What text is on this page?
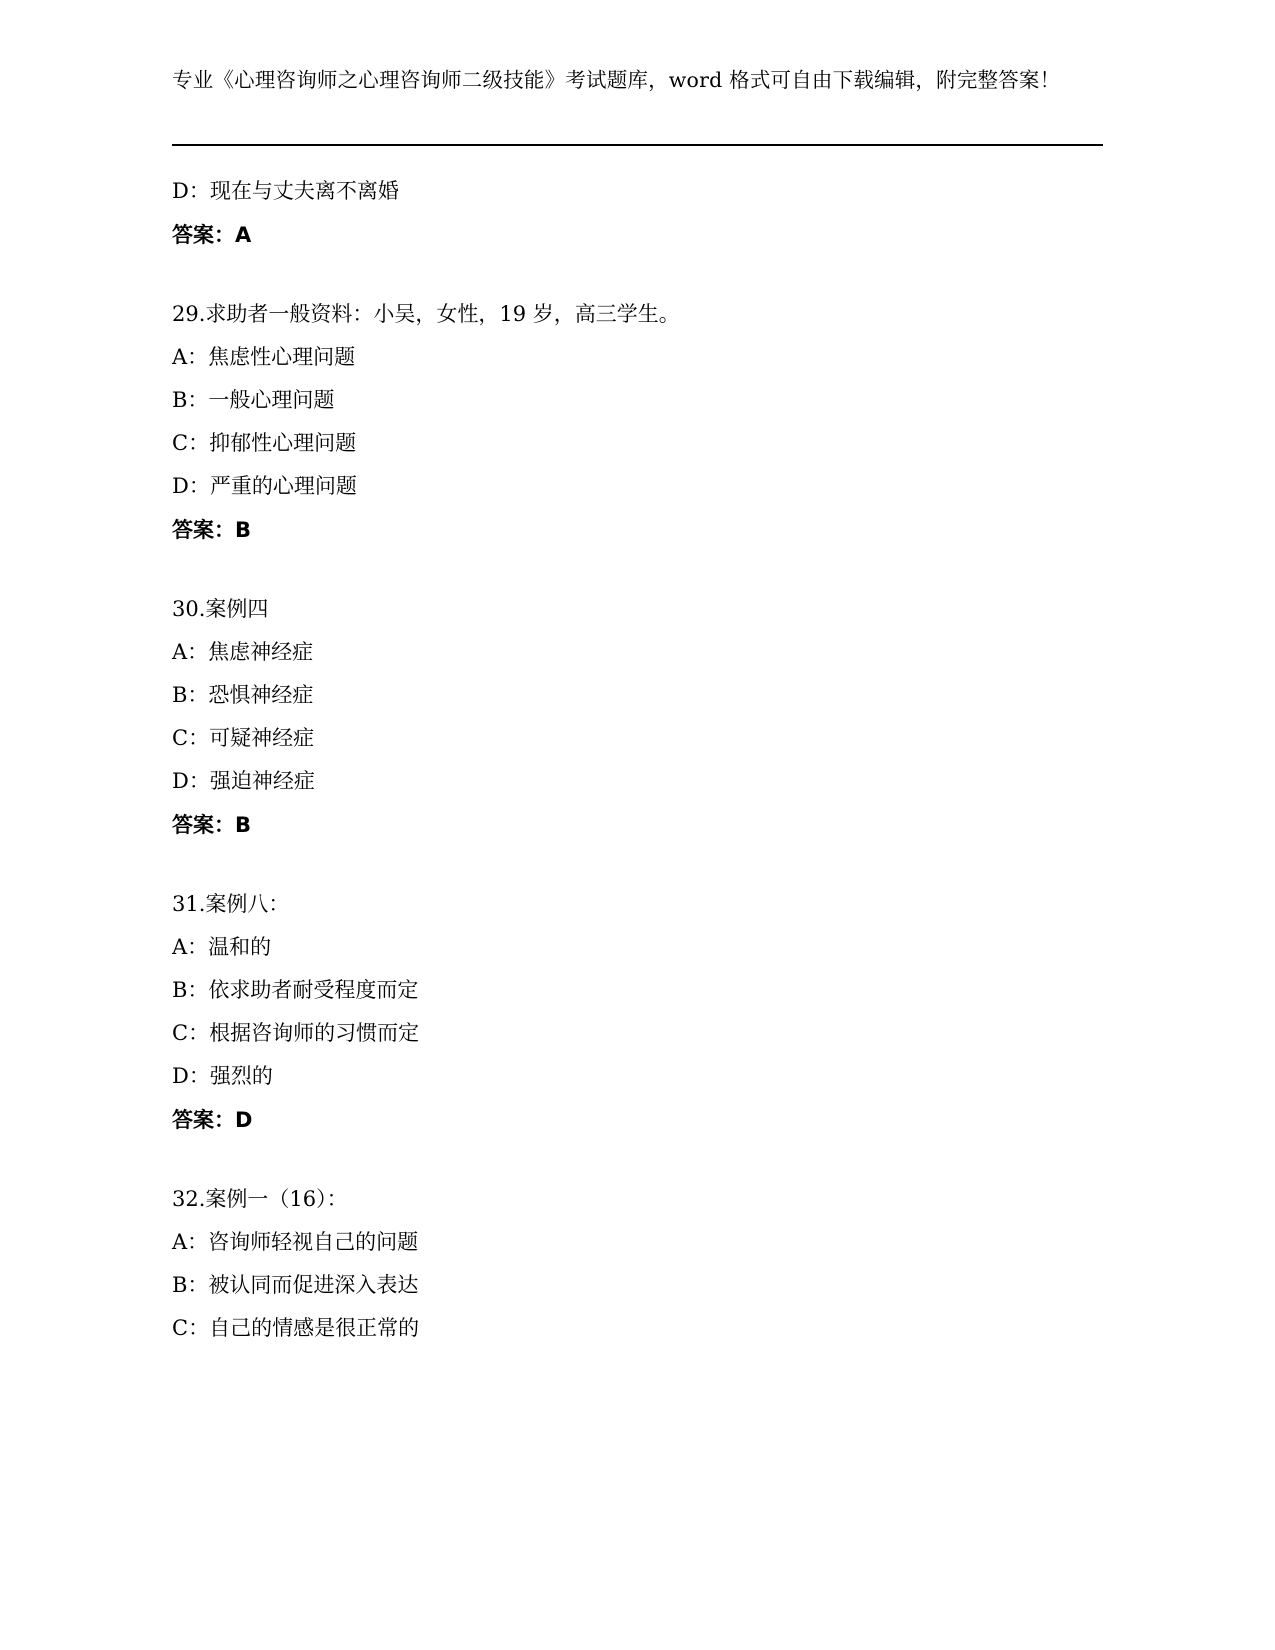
专业《心理咨询师之心理咨询师二级技能》考试题库，word 格式可自由下载编辑，附完整答案！
D：现在与丈夫离不离婚
答案：A
29.求助者一般资料：小吴，女性，19 岁，高三学生。
A：焦虑性心理问题
B：一般心理问题
C：抑郁性心理问题
D：严重的心理问题
答案：B
30.案例四
A：焦虑神经症
B：恐惧神经症
C：可疑神经症
D：强迫神经症
答案：B
31.案例八：
A：温和的
B：依求助者耐受程度而定
C：根据咨询师的习惯而定
D：强烈的
答案：D
32.案例一（16）：
A：咨询师轻视自己的问题
B：被认同而促进深入表达
C：自己的情感是很正常的
